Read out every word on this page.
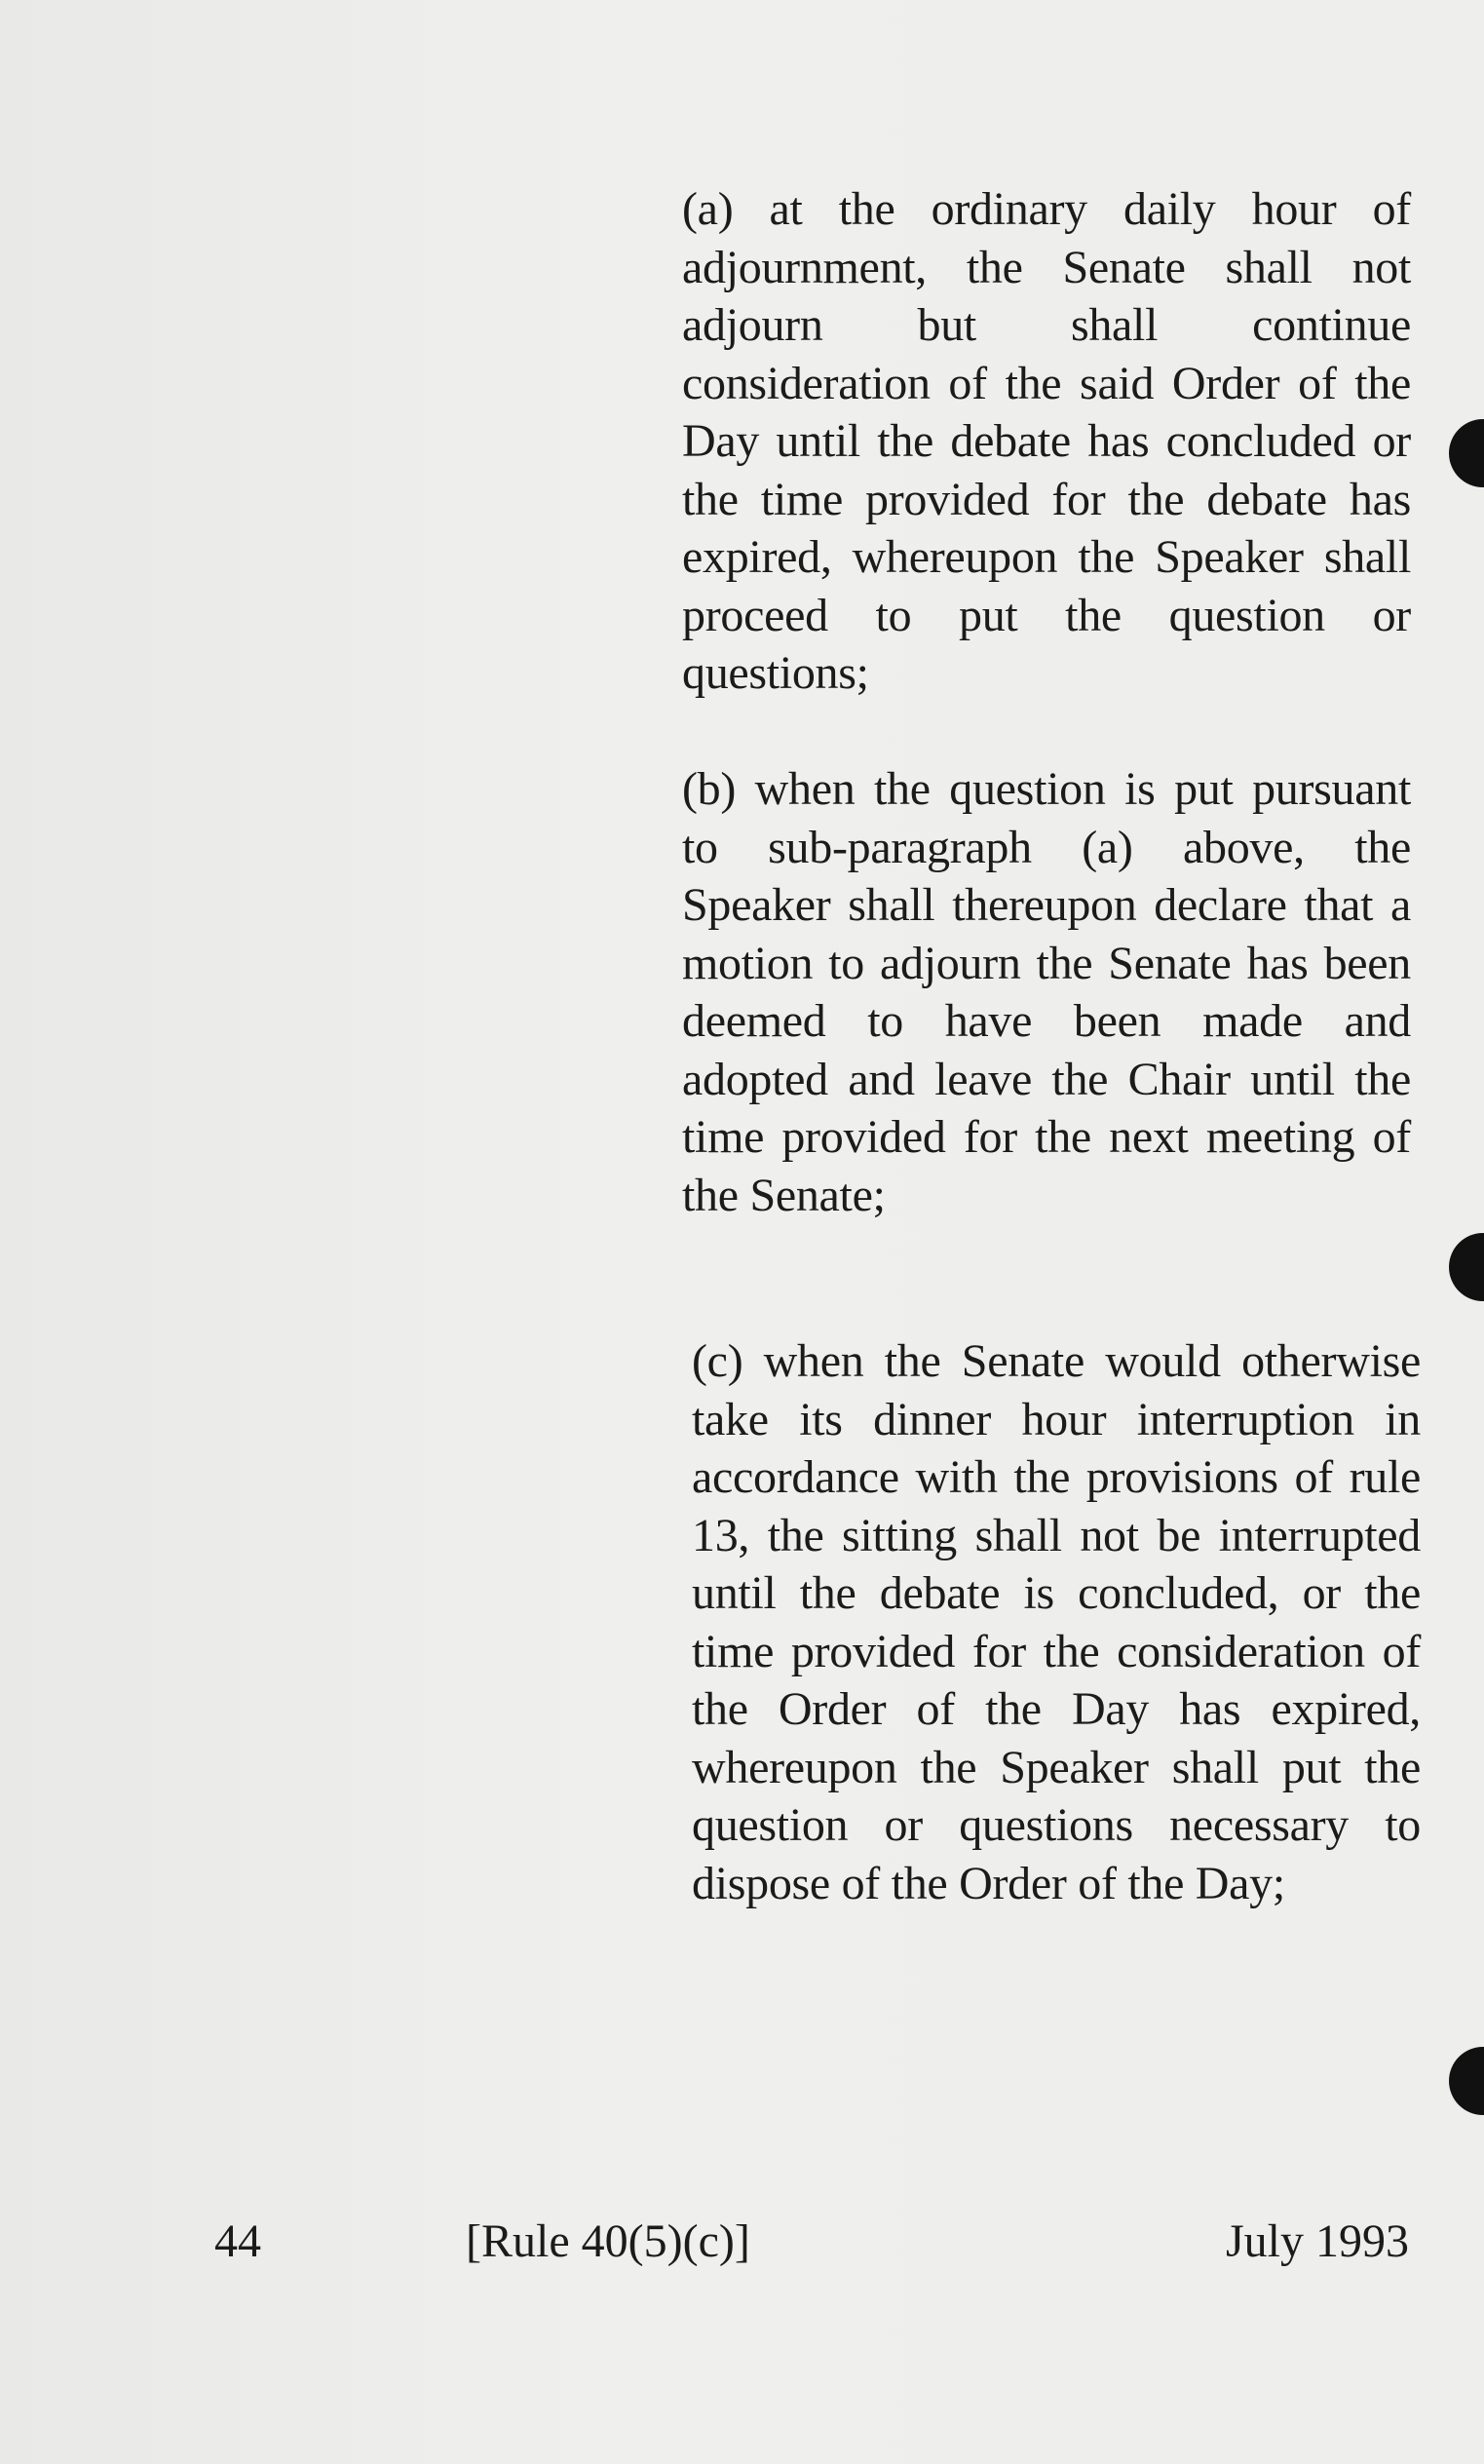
(a) at the ordinary daily hour of adjournment, the Senate shall not adjourn but shall continue consideration of the said Order of the Day until the debate has concluded or the time provided for the debate has expired, whereupon the Speaker shall proceed to put the question or questions;
(b) when the question is put pursuant to sub-paragraph (a) above, the Speaker shall thereupon declare that a motion to adjourn the Senate has been deemed to have been made and adopted and leave the Chair until the time provided for the next meeting of the Senate;
(c) when the Senate would otherwise take its dinner hour interruption in accordance with the provisions of rule 13, the sitting shall not be interrupted until the debate is concluded, or the time provided for the consideration of the Order of the Day has expired, whereupon the Speaker shall put the question or questions necessary to dispose of the Order of the Day;
44	[Rule 40(5)(c)]	July 1993
